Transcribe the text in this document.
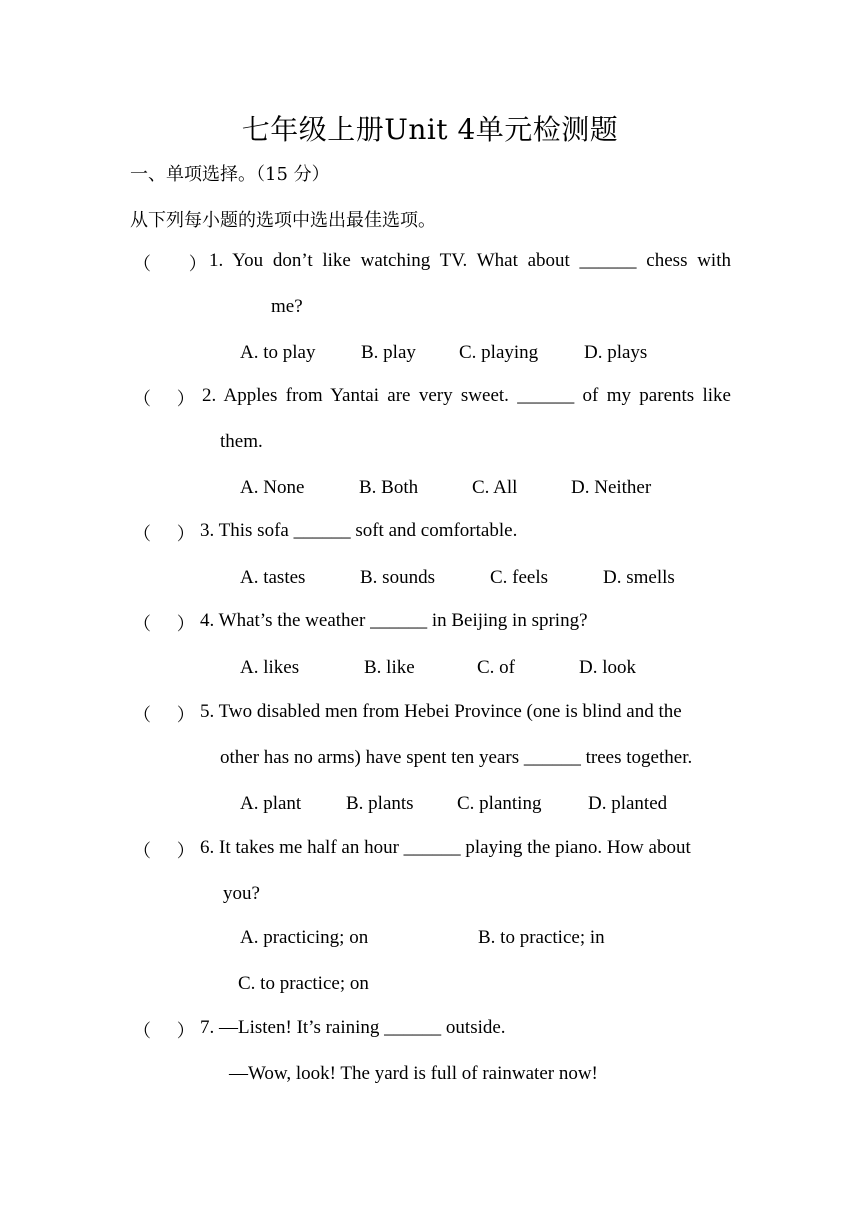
七年级上册Unit 4单元检测题
一、单项选择。（15 分）
从下列每小题的选项中选出最佳选项。
（ ）
1. You don’t like watching TV. What about ______ chess with
me?
A. to play B. play C. playing D. plays
（ ）
2. Apples from Yantai are very sweet. ______ of my parents like
them.
A. None	B. Both	C. All	D. Neither
（ ）
3. This sofa ______ soft and comfortable.
A. tastes	B. sounds	C. feels	D. smells
（ ）
4. What’s the weather ______ in Beijing in spring?
A. likes	B. like	C. of	D. look
（ ）
5. Two disabled men from Hebei Province (one is blind and the
other has no arms) have spent ten years ______ trees together.
A. plant B. plants C. planting D. planted
（ ）
6. It takes me half an hour ______ playing the piano. How about
you?
A. practicing; on	B. to practice; in
C. to practice; on
（ ）
7. —Listen! It’s raining ______ outside.
—Wow, look! The yard is full of rainwater now!
